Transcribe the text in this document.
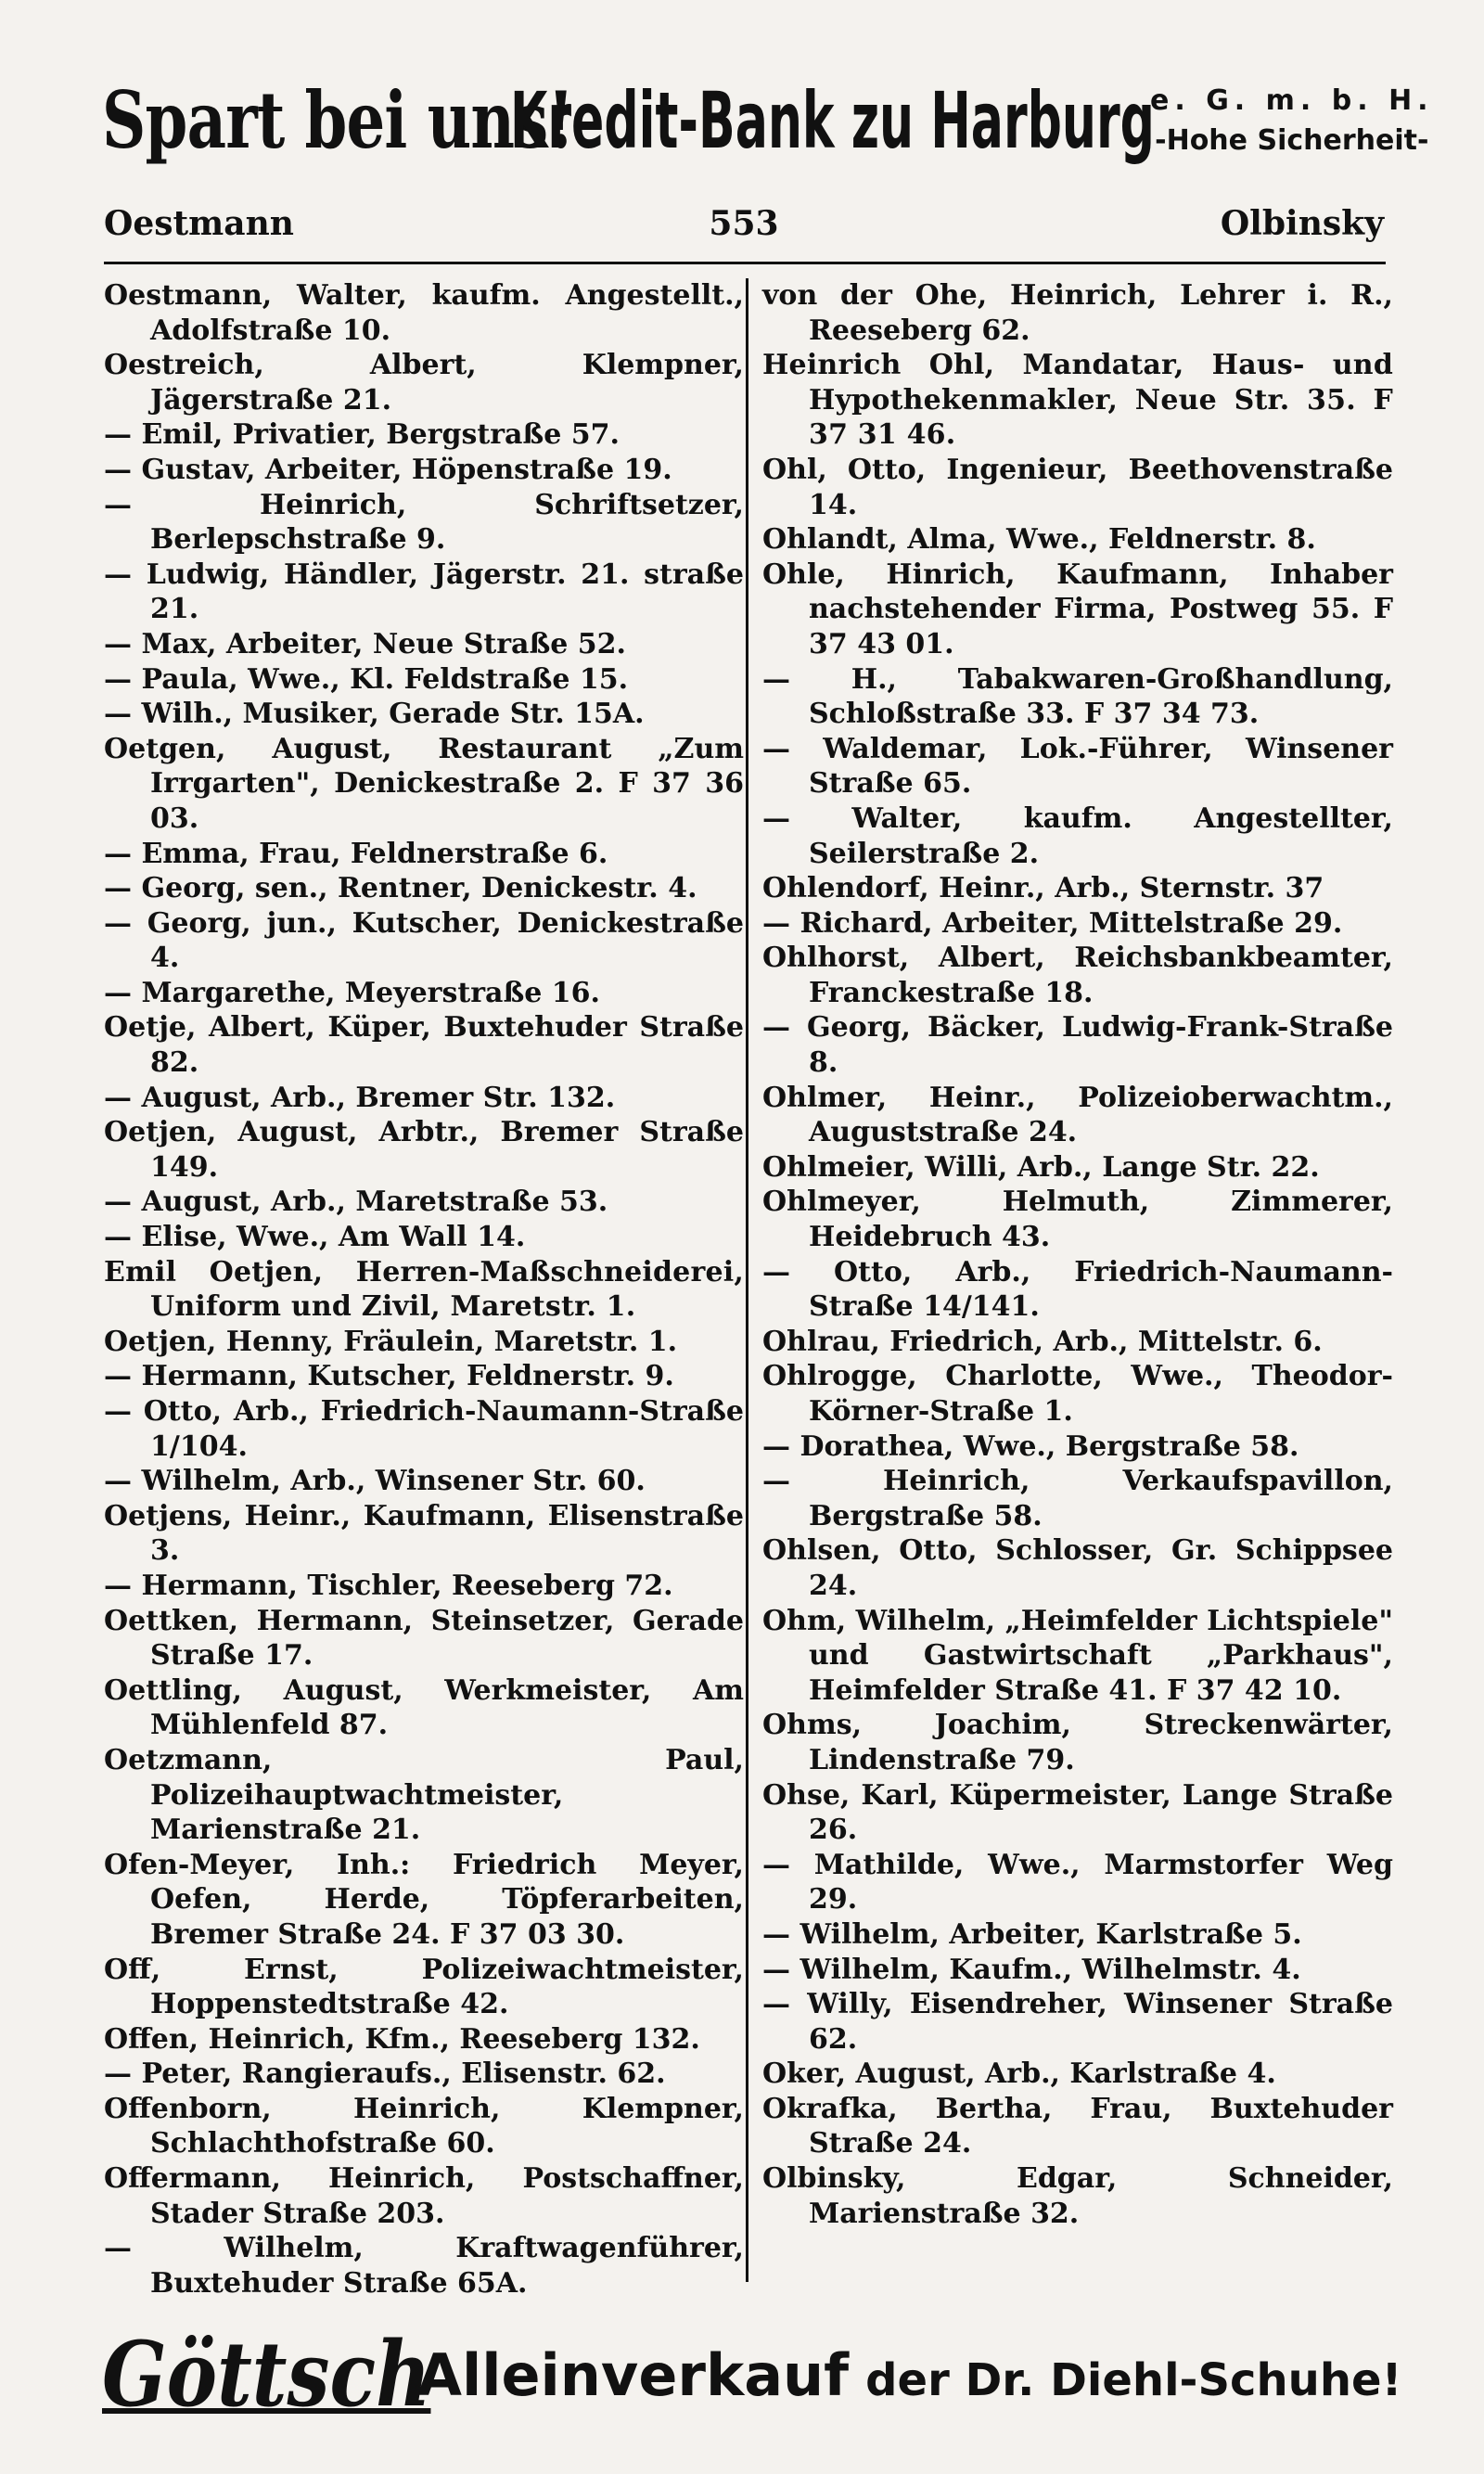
Spart bei uns!
Kredit-Bank zu Harburg
e. G. m. b. H.
-Hohe Sicherheit-
Oestmann	553	Olbinsky

Oestmann, Walter, kaufm. Angestellt., Adolfstraße 10.

Oestreich, Albert, Klempner, Jägerstraße 21.

— Emil, Privatier, Bergstraße 57.

— Gustav, Arbeiter, Höpenstraße 19.

— Heinrich, Schriftsetzer, Berlepschstraße 9.

— Ludwig, Händler, Jägerstr. 21. straße 21.

— Max, Arbeiter, Neue Straße 52.

— Paula, Wwe., Kl. Feldstraße 15.

— Wilh., Musiker, Gerade Str. 15A.

Oetgen, August, Restaurant „Zum Irrgarten", Denickestraße 2. F 37 36 03.

— Emma, Frau, Feldnerstraße 6.

— Georg, sen., Rentner, Denickestr. 4.

— Georg, jun., Kutscher, Denickestraße 4.

— Margarethe, Meyerstraße 16.

Oetje, Albert, Küper, Buxtehuder Straße 82.

— August, Arb., Bremer Str. 132.

Oetjen, August, Arbtr., Bremer Straße 149.

— August, Arb., Maretstraße 53.

— Elise, Wwe., Am Wall 14.

Emil Oetjen, Herren-Maßschneiderei, Uniform und Zivil, Maretstr. 1.

Oetjen, Henny, Fräulein, Maretstr. 1.

— Hermann, Kutscher, Feldnerstr. 9.

— Otto, Arb., Friedrich-Naumann-Straße 1/104.

— Wilhelm, Arb., Winsener Str. 60.

Oetjens, Heinr., Kaufmann, Elisenstraße 3.

— Hermann, Tischler, Reeseberg 72.

Oettken, Hermann, Steinsetzer, Gerade Straße 17.

Oettling, August, Werkmeister, Am Mühlenfeld 87.

Oetzmann, Paul, Polizeihauptwachtmeister, Marienstraße 21.

Ofen-Meyer, Inh.: Friedrich Meyer, Oefen, Herde, Töpferarbeiten, Bremer Straße 24. F 37 03 30.

Off, Ernst, Polizeiwachtmeister, Hoppenstedtstraße 42.

Offen, Heinrich, Kfm., Reeseberg 132.

— Peter, Rangieraufs., Elisenstr. 62.

Offenborn, Heinrich, Klempner, Schlachthofstraße 60.

Offermann, Heinrich, Postschaffner, Stader Straße 203.

— Wilhelm, Kraftwagenführer, Buxtehuder Straße 65A.

von der Ohe, Heinrich, Lehrer i. R., Reeseberg 62.

Heinrich Ohl, Mandatar, Haus- und Hypothekenmakler, Neue Str. 35. F 37 31 46.

Ohl, Otto, Ingenieur, Beethovenstraße 14.

Ohlandt, Alma, Wwe., Feldnerstr. 8.

Ohle, Hinrich, Kaufmann, Inhaber nachstehender Firma, Postweg 55. F 37 43 01.

— H., Tabakwaren-Großhandlung, Schloßstraße 33. F 37 34 73.

— Waldemar, Lok.-Führer, Winsener Straße 65.

— Walter, kaufm. Angestellter, Seilerstraße 2.

Ohlendorf, Heinr., Arb., Sternstr. 37

— Richard, Arbeiter, Mittelstraße 29.

Ohlhorst, Albert, Reichsbankbeamter, Franckestraße 18.

— Georg, Bäcker, Ludwig-Frank-Straße 8.

Ohlmer, Heinr., Polizeioberwachtm., Auguststraße 24.

Ohlmeier, Willi, Arb., Lange Str. 22.

Ohlmeyer, Helmuth, Zimmerer, Heidebruch 43.

— Otto, Arb., Friedrich-Naumann-Straße 14/141.

Ohlrau, Friedrich, Arb., Mittelstr. 6.

Ohlrogge, Charlotte, Wwe., Theodor-Körner-Straße 1.

— Dorathea, Wwe., Bergstraße 58.

— Heinrich, Verkaufspavillon, Bergstraße 58.

Ohlsen, Otto, Schlosser, Gr. Schippsee 24.

Ohm, Wilhelm, „Heimfelder Lichtspiele" und Gastwirtschaft „Parkhaus", Heimfelder Straße 41. F 37 42 10.

Ohms, Joachim, Streckenwärter, Lindenstraße 79.

Ohse, Karl, Küpermeister, Lange Straße 26.

— Mathilde, Wwe., Marmstorfer Weg 29.

— Wilhelm, Arbeiter, Karlstraße 5.

— Wilhelm, Kaufm., Wilhelmstr. 4.

— Willy, Eisendreher, Winsener Straße 62.

Oker, August, Arb., Karlstraße 4.

Okrafka, Bertha, Frau, Buxtehuder Straße 24.

Olbinsky, Edgar, Schneider, Marienstraße 32.

Göttsch
Alleinverkauf der Dr. Diehl-Schuhe!
